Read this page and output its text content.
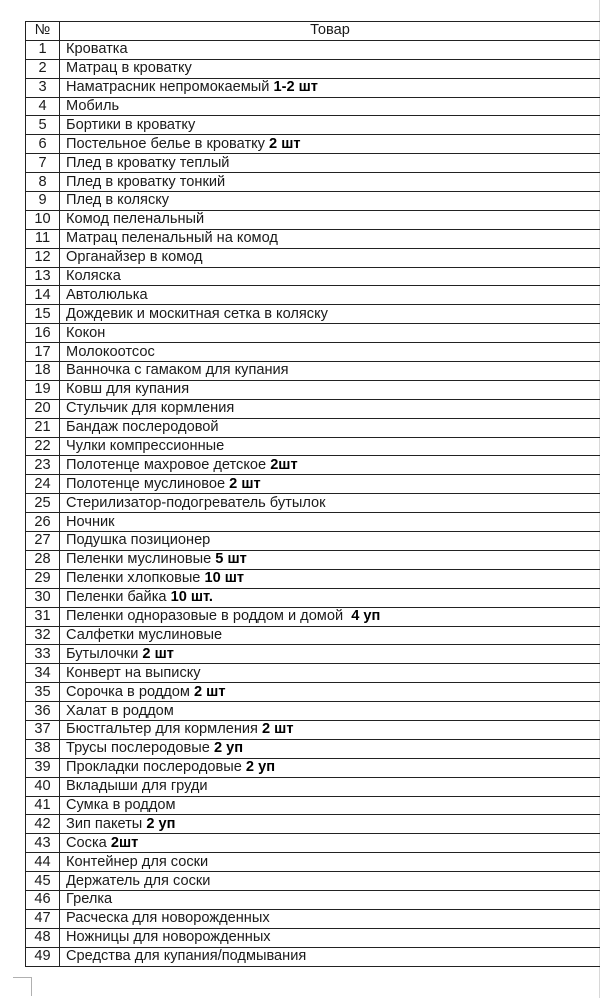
№	Товар
1	Кроватка
2	Матрац в кроватку
3	Наматрасник непромокаемый 1-2 шт
4	Мобиль
5	Бортики в кроватку
6	Постельное белье в кроватку 2 шт
7	Плед в кроватку теплый
8	Плед в кроватку тонкий
9	Плед в коляску
10	Комод пеленальный
11	Матрац пеленальный на комод
12	Органайзер в комод
13	Коляска
14	Автолюлька
15	Дождевик и москитная сетка в коляску
16	Кокон
17	Молокоотсос
18	Ванночка с гамаком для купания
19	Ковш для купания
20	Стульчик для кормления
21	Бандаж послеродовой
22	Чулки компрессионные
23	Полотенце махровое детское 2шт
24	Полотенце муслиновое 2 шт
25	Стерилизатор-подогреватель бутылок
26	Ночник
27	Подушка позиционер
28	Пеленки муслиновые 5 шт
29	Пеленки хлопковые 10 шт
30	Пеленки байка 10 шт.
31	Пеленки одноразовые в роддом и домой  4 уп
32	Салфетки муслиновые
33	Бутылочки 2 шт
34	Конверт на выписку
35	Сорочка в роддом 2 шт
36	Халат в роддом
37	Бюстгальтер для кормления 2 шт
38	Трусы послеродовые 2 уп
39	Прокладки послеродовые 2 уп
40	Вкладыши для груди
41	Сумка в роддом
42	Зип пакеты 2 уп
43	Соска 2шт
44	Контейнер для соски
45	Держатель для соски
46	Грелка
47	Расческа для новорожденных
48	Ножницы для новорожденных
49	Средства для купания/подмывания
